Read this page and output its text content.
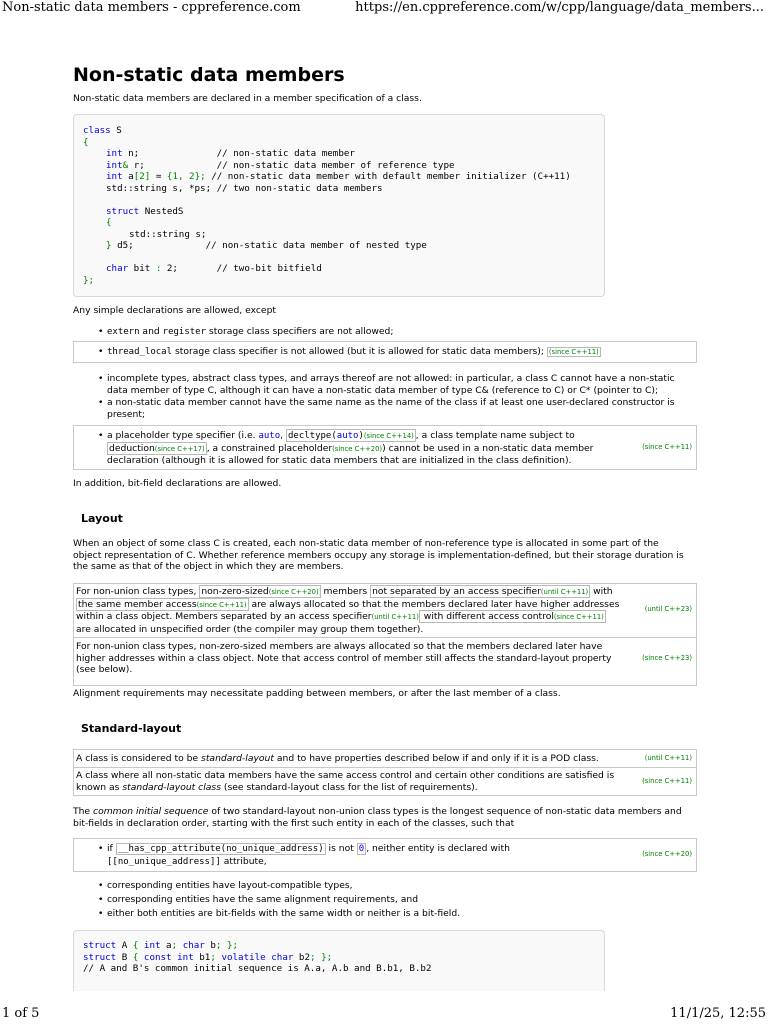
Non-static data members - cppreference.com	https://en.cppreference.com/w/cpp/language/data_members...
Non-static data members
Non-static data members are declared in a member specification of a class.

class S

{

int n;              // non-static data member

int& r;             // non-static data member of reference type

int a[2] = {1, 2}; // non-static data member with default member initializer (C++11)

std::string s, *ps; // two non-static data members

struct NestedS

{

std::string s;

} d5;             // non-static data member of nested type

char bit : 2;       // two-bit bitfield

};

Any simple declarations are allowed, except
• extern and register storage class specifiers are not allowed;
• thread_local storage class specifier is not allowed (but it is allowed for static data members); (since C++11)
• incomplete types, abstract class types, and arrays thereof are not allowed: in particular, a class C cannot have a non-static data member of type C, although it can have a non-static data member of type C& (reference to C) or C* (pointer to C);
• a non-static data member cannot have the same name as the name of the class if at least one user-declared constructor is present;
• a placeholder type specifier (i.e. auto, decltype(auto)(since C++14) , a class template name subject to
deduction(since C++17) , a constrained placeholder(since C++20)) cannot be used in a non-static data member
declaration (although it is allowed for static data members that are initialized in the class definition).
(since C++11)
In addition, bit-field declarations are allowed.
Layout
When an object of some class C is created, each non-static data member of non-reference type is allocated in some part of the
object representation of C. Whether reference members occupy any storage is implementation-defined, but their storage duration is
the same as that of the object in which they are members.
For non-union class types, non-zero-sized(since C++20) members not separated by an access specifier(until C++11) with
the same member access(since C++11) are always allocated so that the members declared later have higher addresses
within a class object. Members separated by an access specifier(until C++11) with different access control(since C++11)
are allocated in unspecified order (the compiler may group them together).
(until C++23)
For non-union class types, non-zero-sized members are always allocated so that the members declared later have
higher addresses within a class object. Note that access control of member still affects the standard-layout property
(see below).
(since C++23)
Alignment requirements may necessitate padding between members, or after the last member of a class.
Standard-layout
A class is considered to be standard-layout and to have properties described below if and only if it is a POD class.	(until C++11)
A class where all non-static data members have the same access control and certain other conditions are satisfied is
known as standard-layout class (see standard-layout class for the list of requirements).
(since C++11)
The common initial sequence of two standard-layout non-union class types is the longest sequence of non-static data members and
bit-fields in declaration order, starting with the first such entity in each of the classes, such that
• if __has_cpp_attribute(no_unique_address) is not 0 , neither entity is declared with
[[no_unique_address]] attribute,
(since C++20)
• corresponding entities have layout-compatible types,
• corresponding entities have the same alignment requirements, and
• either both entities are bit-fields with the same width or neither is a bit-field.

struct A { int a; char b; };

struct B { const int b1; volatile char b2; };

// A and B's common initial sequence is A.a, A.b and B.b1, B.b2

1 of 5	11/1/25, 12:55
